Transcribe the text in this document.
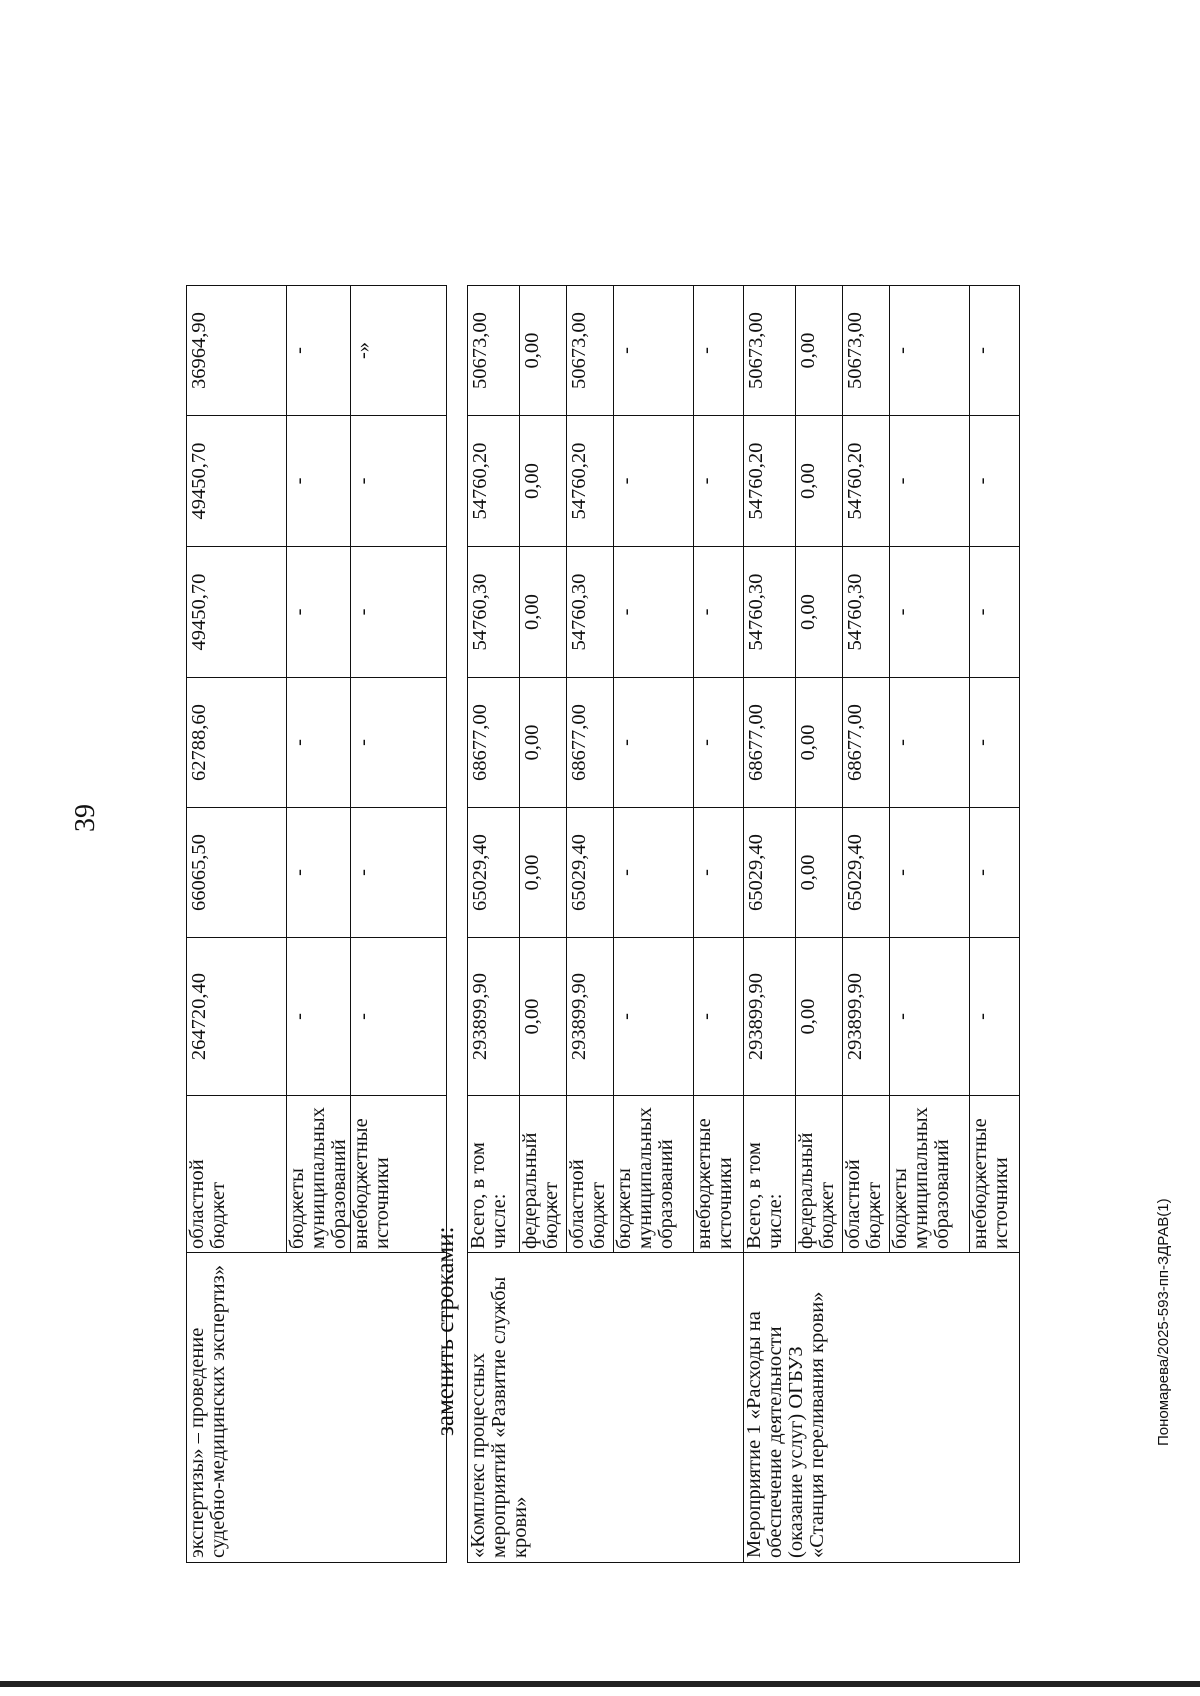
39
экспертизы» – проведение судебно-медицинских экспертиз»	областной бюджет	264720,40	66065,50	62788,60	49450,70	49450,70	36964,90
	бюджеты муниципальных образований	-	-	-	-	-	-
	внебюджетные источники	-	-	-	-	-	-»
заменить строками:
«Комплекс процессных мероприятий «Развитие службы крови»	Всего, в том числе:	293899,90	65029,40	68677,00	54760,30	54760,20	50673,00
	федеральный бюджет	0,00	0,00	0,00	0,00	0,00	0,00
	областной бюджет	293899,90	65029,40	68677,00	54760,30	54760,20	50673,00
	бюджеты муниципальных образований	-	-	-	-	-	-
	внебюджетные источники	-	-	-	-	-	-
Мероприятие 1 «Расходы на обеспечение деятельности (оказание услуг) ОГБУЗ «Станция переливания крови»	Всего, в том числе:	293899,90	65029,40	68677,00	54760,30	54760,20	50673,00
	федеральный бюджет	0,00	0,00	0,00	0,00	0,00	0,00
	областной бюджет	293899,90	65029,40	68677,00	54760,30	54760,20	50673,00
	бюджеты муниципальных образований	-	-	-	-	-	-
	внебюджетные источники	-	-	-	-	-	-
Пономарева/2025-593-пп-ЗДРАВ(1)
